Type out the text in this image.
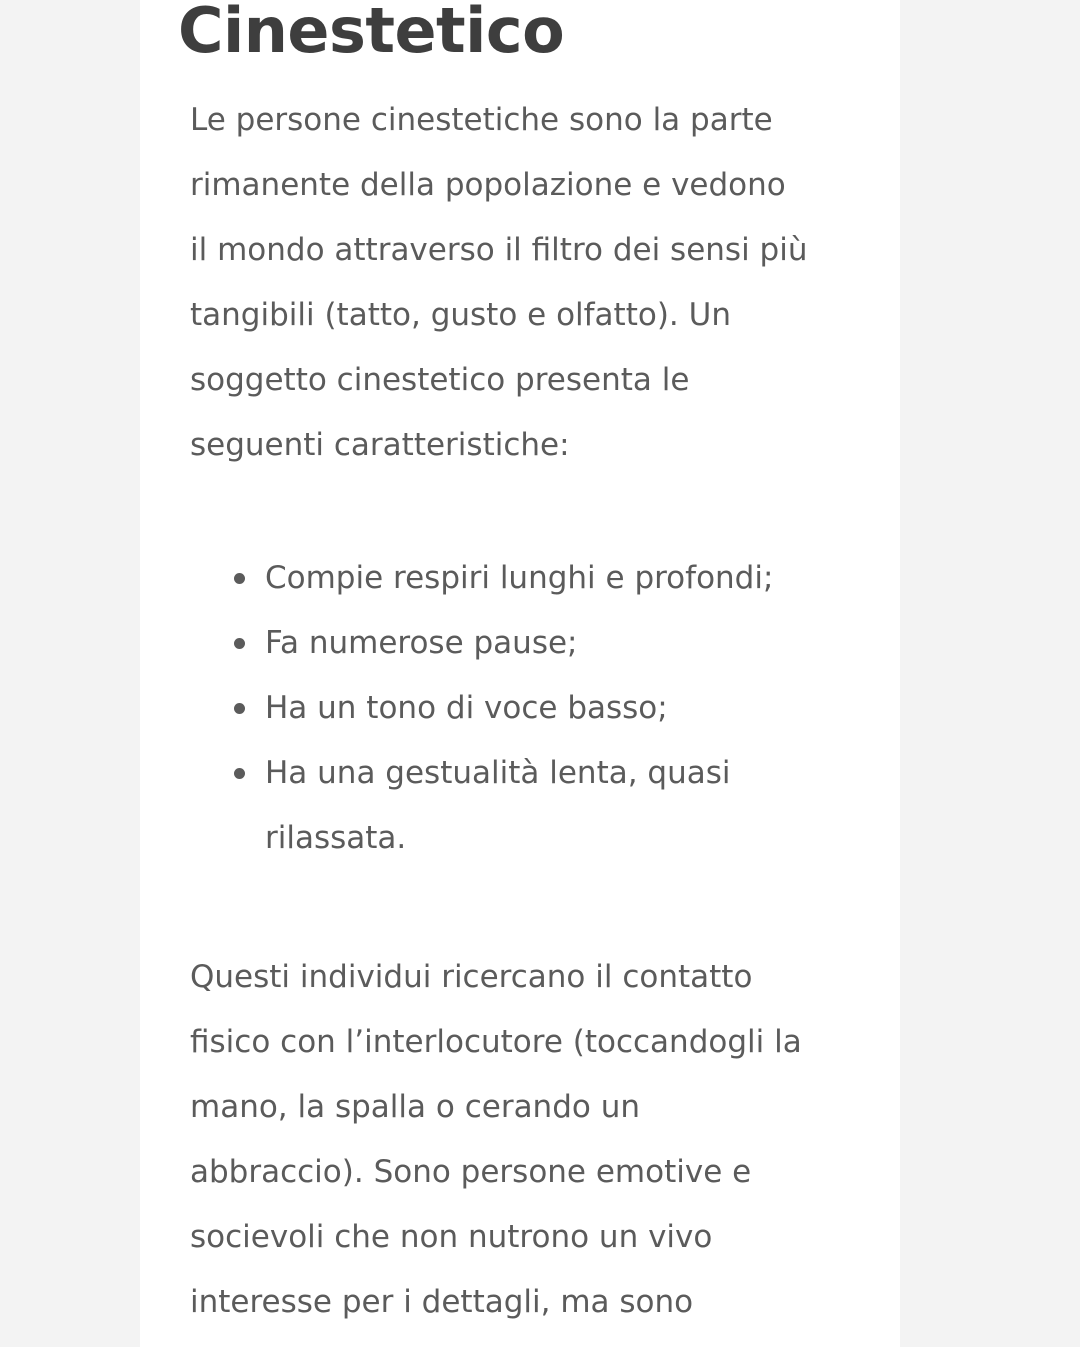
Cinestetico

Le persone cinestetiche sono la parte
rimanente della popolazione e vedono
il mondo attraverso il filtro dei sensi più
tangibili (tatto, gusto e olfatto). Un
soggetto cinestetico presenta le
seguenti caratteristiche:

Compie respiri lunghi e profondi;
Fa numerose pause;
Ha un tono di voce basso;
Ha una gestualità lenta, quasi
rilassata.

Questi individui ricercano il contatto
fisico con l’interlocutore (toccandogli la
mano, la spalla o cerando un
abbraccio). Sono persone emotive e
socievoli che non nutrono un vivo
interesse per i dettagli, ma sono
